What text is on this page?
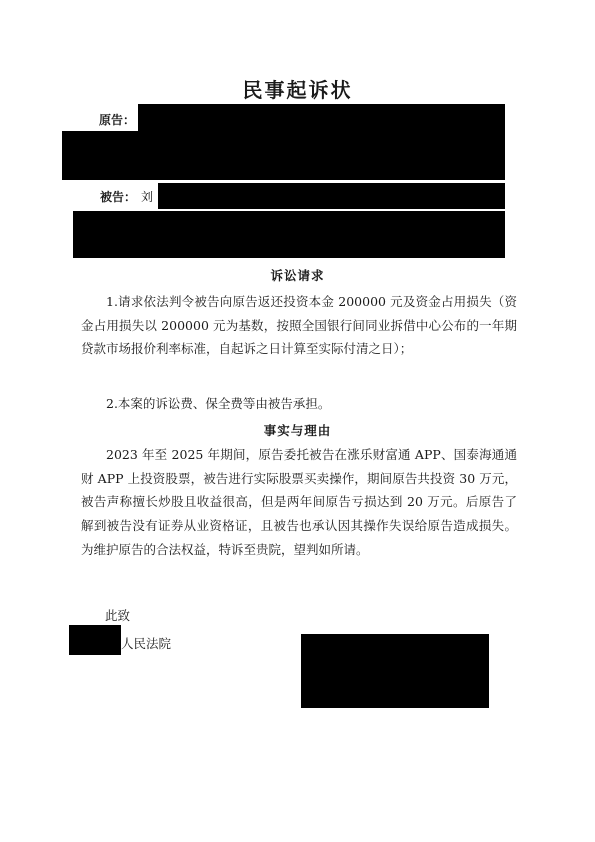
民事起诉状
原告：
被告： 刘
诉讼请求

1.请求依法判令被告向原告返还投资本金 200000 元及资金占用损失（资金占用损失以 200000 元为基数，按照全国银行间同业拆借中心公布的一年期贷款市场报价利率标准，自起诉之日计算至实际付清之日）；

2.本案的诉讼费、保全费等由被告承担。

事实与理由

2023 年至 2025 年期间，原告委托被告在涨乐财富通 APP、国泰海通通财 APP 上投资股票，被告进行实际股票买卖操作，期间原告共投资 30 万元，被告声称擅长炒股且收益很高，但是两年间原告亏损达到 20 万元。后原告了解到被告没有证券从业资格证，且被告也承认因其操作失误给原告造成损失。为维护原告的合法权益，特诉至贵院，望判如所请。

此致
人民法院
